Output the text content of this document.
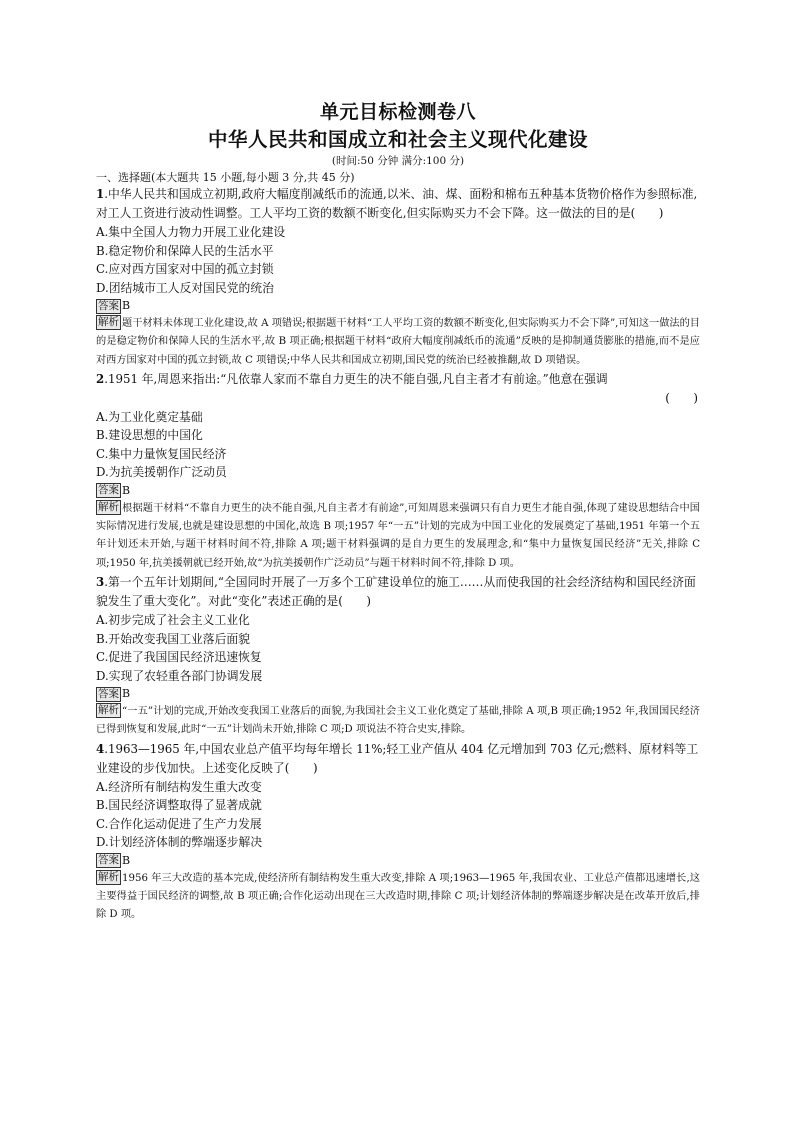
单元目标检测卷八
中华人民共和国成立和社会主义现代化建设
(时间:50 分钟 满分:100 分)
一、选择题(本大题共 15 小题,每小题 3 分,共 45 分)
1.中华人民共和国成立初期,政府大幅度削减纸币的流通,以米、油、煤、面粉和棉布五种基本货物价格作为参照标准,对工人工资进行波动性调整。工人平均工资的数额不断变化,但实际购买力不会下降。这一做法的目的是(　　)
A.集中全国人力物力开展工业化建设
B.稳定物价和保障人民的生活水平
C.应对西方国家对中国的孤立封锁
D.团结城市工人反对国民党的统治
答案 B
解析 题干材料未体现工业化建设,故 A 项错误;根据题干材料“工人平均工资的数额不断变化,但实际购买力不会下降”,可知这一做法的目的是稳定物价和保障人民的生活水平,故 B 项正确;根据题干材料“政府大幅度削减纸币的流通”反映的是抑制通货膨胀的措施,而不是应对西方国家对中国的孤立封锁,故 C 项错误;中华人民共和国成立初期,国民党的统治已经被推翻,故 D 项错误。
2.1951 年,周恩来指出:“凡依靠人家而不靠自力更生的决不能自强,凡自主者才有前途。”他意在强调
(　　)
A.为工业化奠定基础
B.建设思想的中国化
C.集中力量恢复国民经济
D.为抗美援朝作广泛动员
答案 B
解析 根据题干材料“不靠自力更生的决不能自强,凡自主者才有前途”,可知周恩来强调只有自力更生才能自强,体现了建设思想结合中国实际情况进行发展,也就是建设思想的中国化,故选 B 项;1957 年“一五”计划的完成为中国工业化的发展奠定了基础,1951 年第一个五年计划还未开始,与题干材料时间不符,排除 A 项;题干材料强调的是自力更生的发展理念,和“集中力量恢复国民经济”无关,排除 C 项;1950 年,抗美援朝就已经开始,故“为抗美援朝作广泛动员”与题干材料时间不符,排除 D 项。
3.第一个五年计划期间,“全国同时开展了一万多个工矿建设单位的施工……从而使我国的社会经济结构和国民经济面貌发生了重大变化”。对此“变化”表述正确的是(　　)
A.初步完成了社会主义工业化
B.开始改变我国工业落后面貌
C.促进了我国国民经济迅速恢复
D.实现了农轻重各部门协调发展
答案 B
解析 “一五”计划的完成,开始改变我国工业落后的面貌,为我国社会主义工业化奠定了基础,排除 A 项,B 项正确;1952 年,我国国民经济已得到恢复和发展,此时“一五”计划尚未开始,排除 C 项;D 项说法不符合史实,排除。
4.1963—1965 年,中国农业总产值平均每年增长 11%;轻工业产值从 404 亿元增加到 703 亿元;燃料、原材料等工业建设的步伐加快。上述变化反映了(　　)
A.经济所有制结构发生重大改变
B.国民经济调整取得了显著成就
C.合作化运动促进了生产力发展
D.计划经济体制的弊端逐步解决
答案 B
解析 1956 年三大改造的基本完成,使经济所有制结构发生重大改变,排除 A 项;1963—1965 年,我国农业、工业总产值都迅速增长,这主要得益于国民经济的调整,故 B 项正确;合作化运动出现在三大改造时期,排除 C 项;计划经济体制的弊端逐步解决是在改革开放后,排除 D 项。
